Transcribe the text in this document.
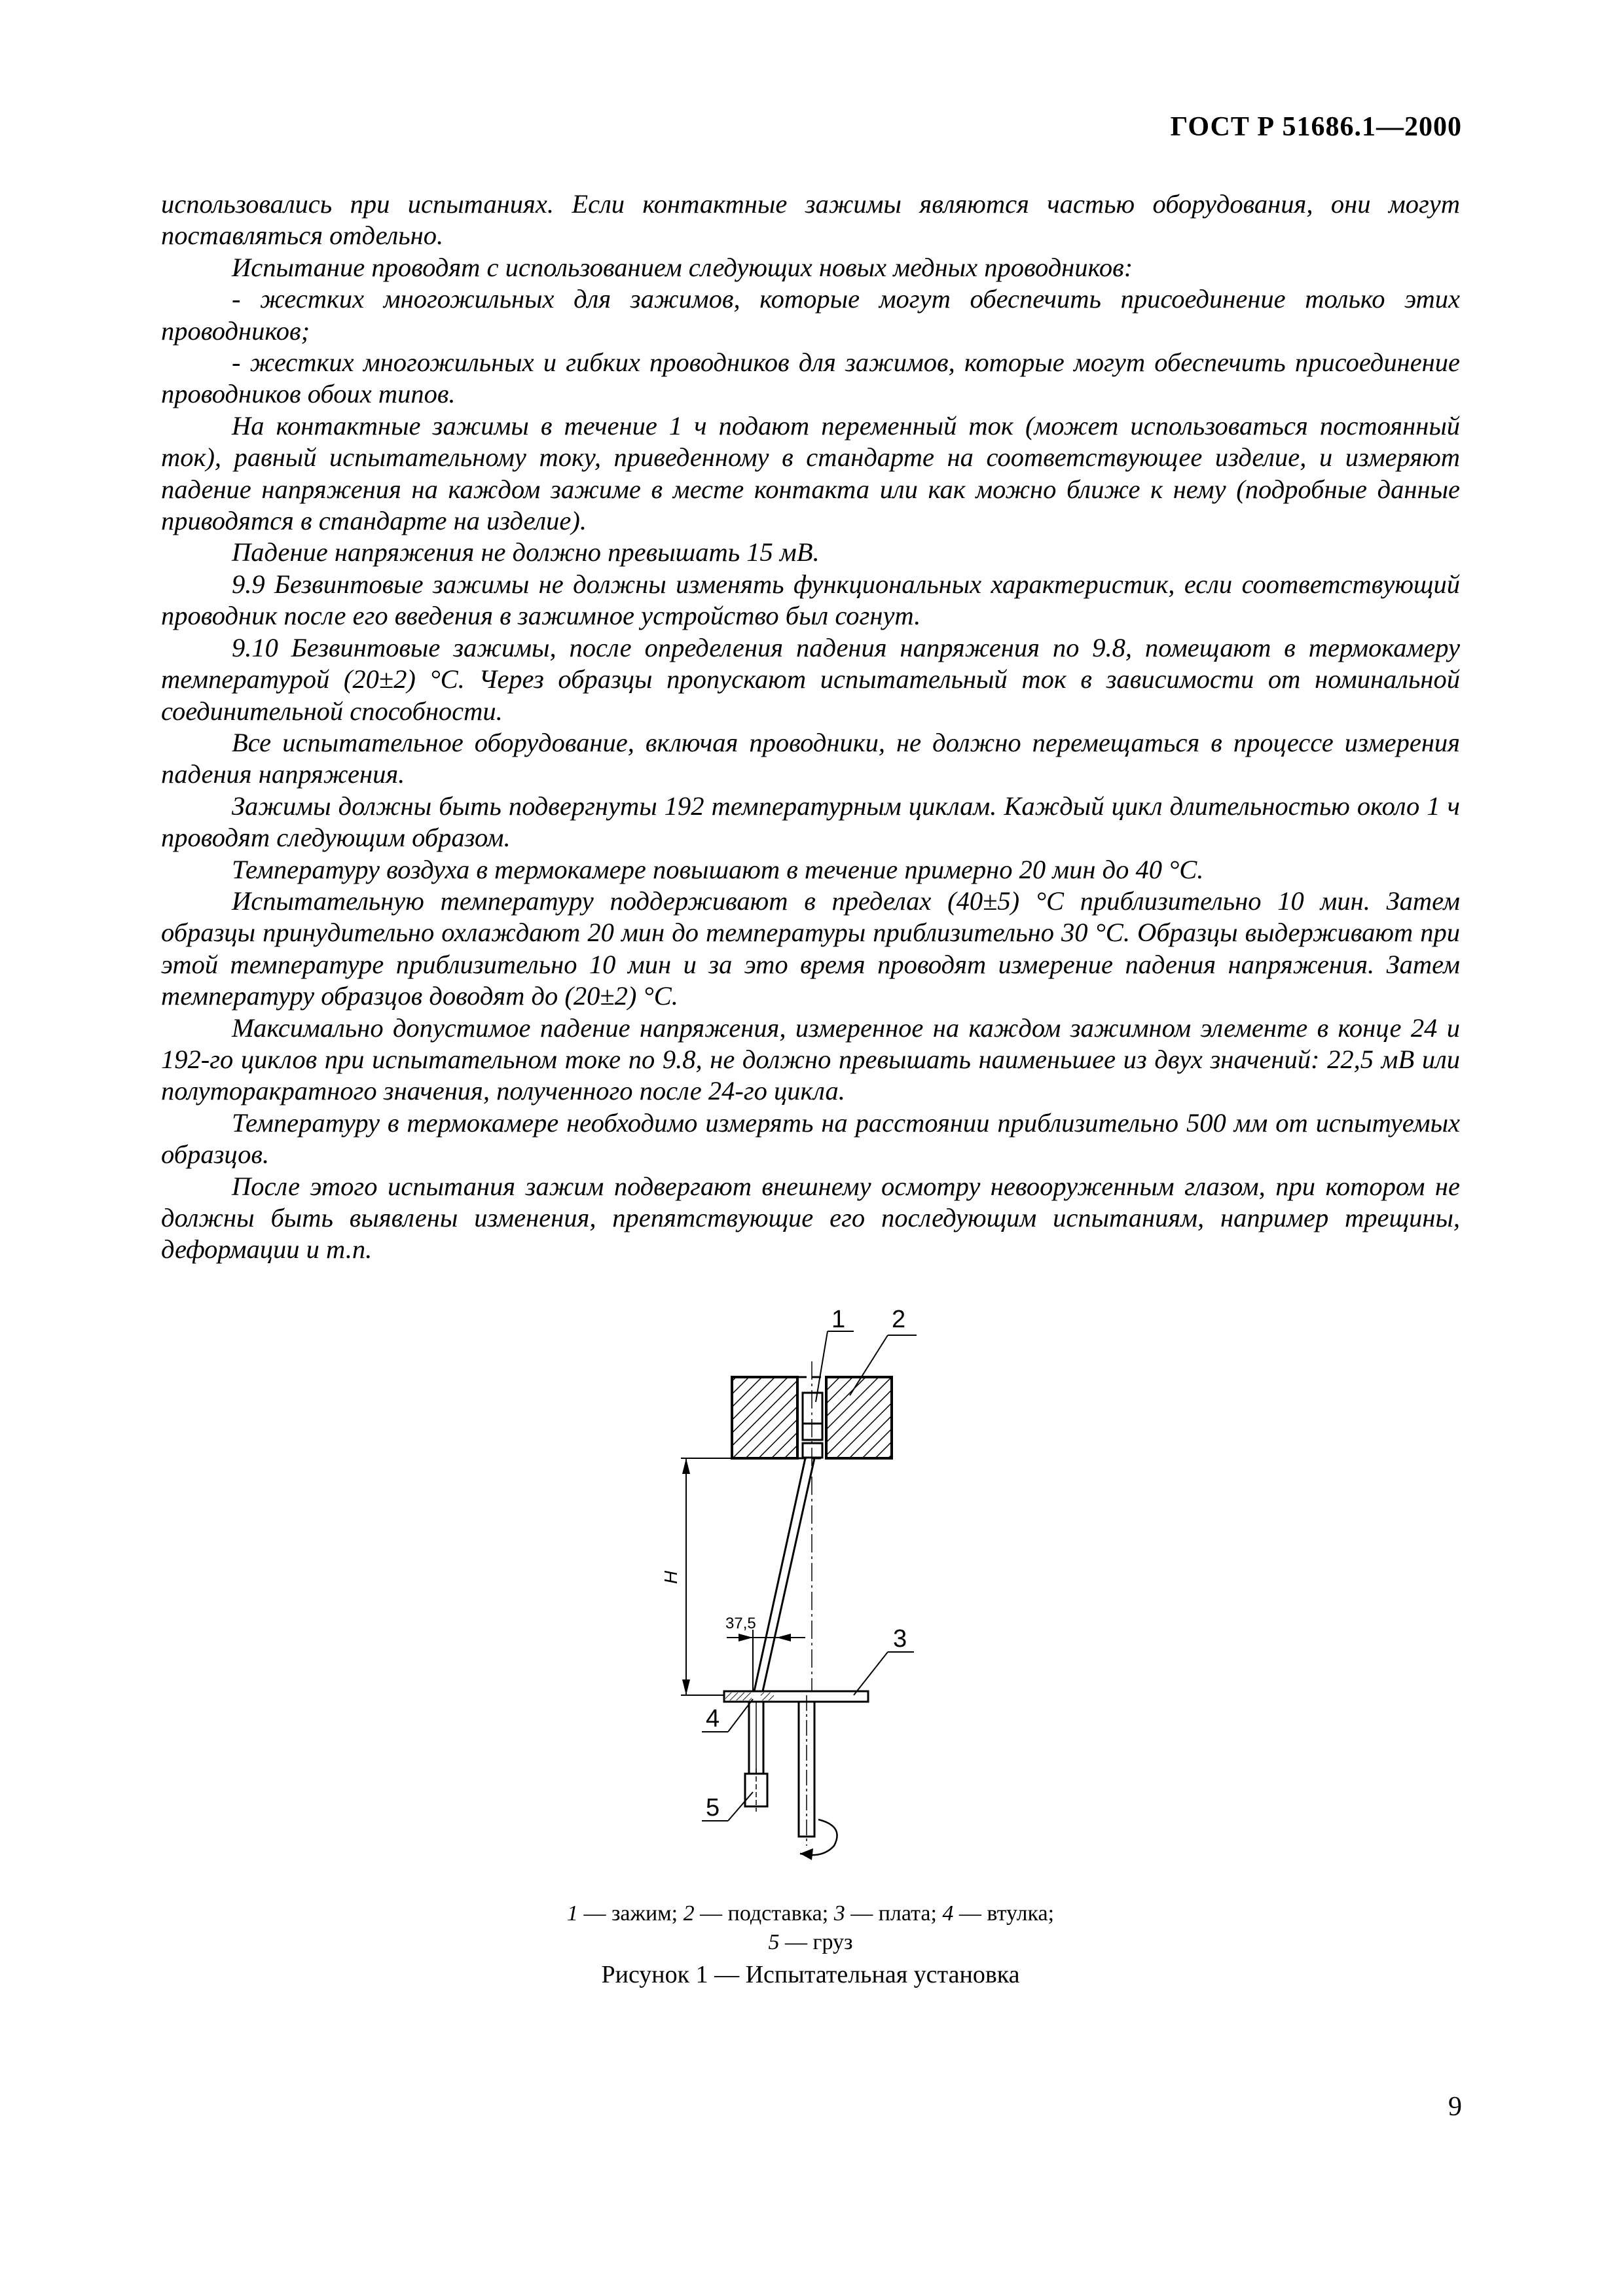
ГОСТ Р 51686.1—2000

использовались при испытаниях. Если контактные зажимы являются частью оборудования, они могут поставляться отдельно.

Испытание проводят с использованием следующих новых медных проводников:

- жестких многожильных для зажимов, которые могут обеспечить присоединение только этих проводников;

- жестких многожильных и гибких проводников для зажимов, которые могут обеспечить присоединение проводников обоих типов.

На контактные зажимы в течение 1 ч подают переменный ток (может использоваться постоянный ток), равный испытательному току, приведенному в стандарте на соответствующее изделие, и измеряют падение напряжения на каждом зажиме в месте контакта или как можно ближе к нему (подробные данные приводятся в стандарте на изделие).

Падение напряжения не должно превышать 15 мВ.

9.9 Безвинтовые зажимы не должны изменять функциональных характеристик, если соответствующий проводник после его введения в зажимное устройство был согнут.

9.10 Безвинтовые зажимы, после определения падения напряжения по 9.8, помещают в термокамеру температурой (20±2) °С. Через образцы пропускают испытательный ток в зависимости от номинальной соединительной способности.

Все испытательное оборудование, включая проводники, не должно перемещаться в процессе измерения падения напряжения.

Зажимы должны быть подвергнуты 192 температурным циклам. Каждый цикл длительностью около 1 ч проводят следующим образом.

Температуру воздуха в термокамере повышают в течение примерно 20 мин до 40 °С.

Испытательную температуру поддерживают в пределах (40±5) °С приблизительно 10 мин. Затем образцы принудительно охлаждают 20 мин до температуры приблизительно 30 °С. Образцы выдерживают при этой температуре приблизительно 10 мин и за это время проводят измерение падения напряжения. Затем температуру образцов доводят до (20±2) °С.

Максимально допустимое падение напряжения, измеренное на каждом зажимном элементе в конце 24 и 192-го циклов при испытательном токе по 9.8, не должно превышать наименьшее из двух значений: 22,5 мВ или полуторакратного значения, полученного после 24-го цикла.

Температуру в термокамере необходимо измерять на расстоянии приблизительно 500 мм от испытуемых образцов.

После этого испытания зажим подвергают внешнему осмотру невооруженным глазом, при котором не должны быть выявлены изменения, препятствующие его последующим испытаниям, например трещины, деформации и т.п.

H
37,5
1 2
3
4
5
1 — зажим; 2 — подставка; 3 — плата; 4 — втулка;
5 — груз
Рисунок 1 — Испытательная установка
9
